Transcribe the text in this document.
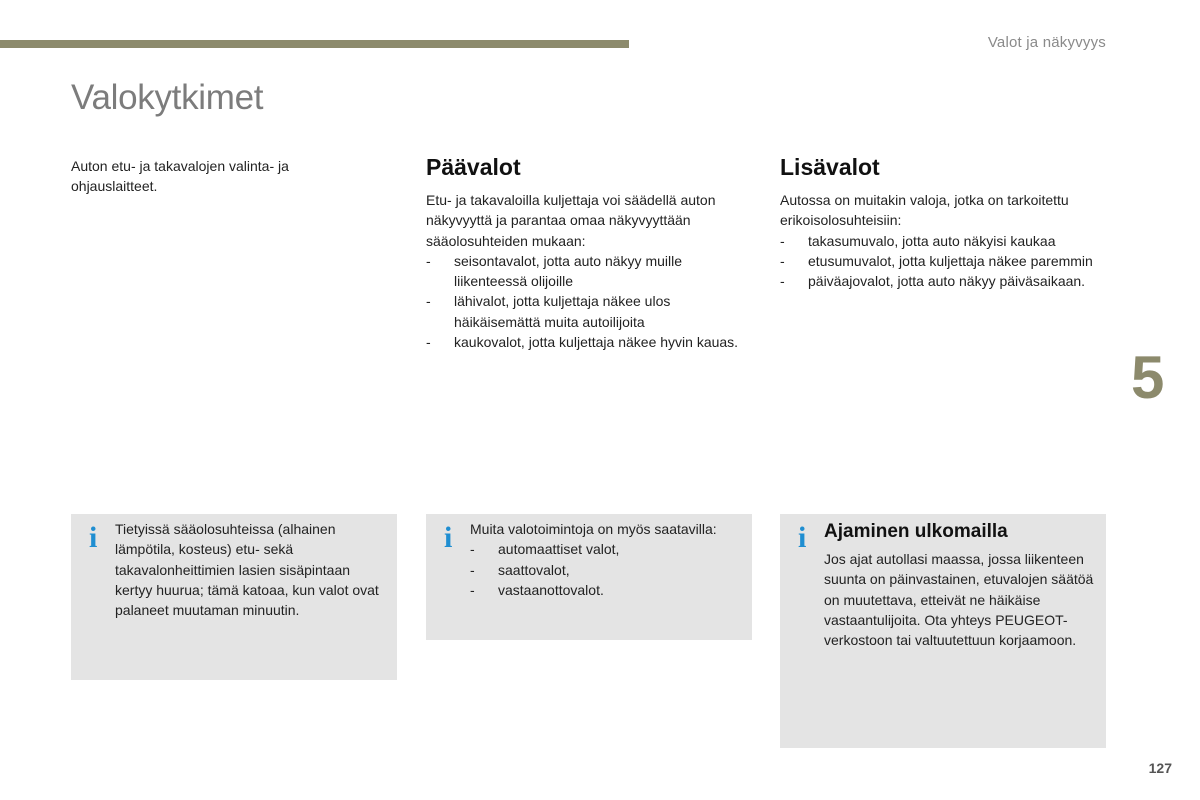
Valot ja näkyvyys
Valokytkimet

Auton etu- ja takavalojen valinta- ja ohjauslaitteet.

Päävalot

Etu- ja takavaloilla kuljettaja voi säädellä auton näkyvyyttä ja parantaa omaa näkyvyyttään sääolosuhteiden mukaan:

- seisontavalot, jotta auto näkyy muille liikenteessä olijoille
- lähivalot, jotta kuljettaja näkee ulos häikäisemättä muita autoilijoita
- kaukovalot, jotta kuljettaja näkee hyvin kauas.
Lisävalot

Autossa on muitakin valoja, jotka on tarkoitettu erikoisolosuhteisiin:

- takasumuvalo, jotta auto näkyisi kaukaa
- etusumuvalot, jotta kuljettaja näkee paremmin
- päiväajovalot, jotta auto näkyy päiväsaikaan.
i Tietyissä sääolosuhteissa (alhainen lämpötila, kosteus) etu- sekä takavalonheittimien lasien sisäpintaan kertyy huurua; tämä katoaa, kun valot ovat palaneet muutaman minuutin.

i Muita valotoimintoja on myös saatavilla:

- automaattiset valot,
- saattovalot,
- vastaanottovalot.
i Ajaminen ulkomailla

Jos ajat autollasi maassa, jossa liikenteen suunta on päinvastainen, etuvalojen säätöä on muutettava, etteivät ne häikäise vastaantulijoita. Ota yhteys PEUGEOT-verkostoon tai valtuutettuun korjaamoon.

5
127
